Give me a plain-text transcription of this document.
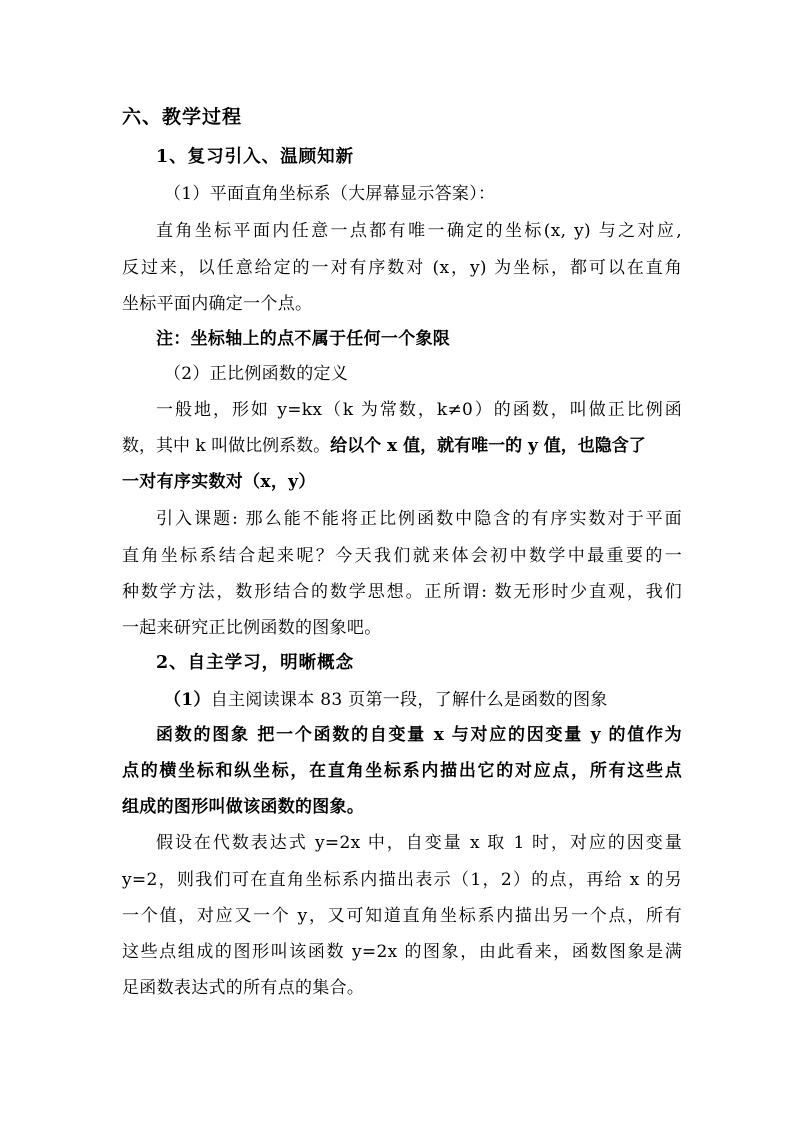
六、教学过程
1、复习引入、温顾知新
（1）平面直角坐标系（大屏幕显示答案）：
直角坐标平面内任意一点都有唯一确定的坐标(x, y) 与之对应,
反过来，以任意给定的一对有序数对 (x，y) 为坐标，都可以在直角
坐标平面内确定一个点。
注：坐标轴上的点不属于任何一个象限
（2）正比例函数的定义
一般地，形如 y=kx（k 为常数，k≠0）的函数，叫做正比例函
数，其中 k 叫做比例系数。给以个 x 值，就有唯一的 y 值，也隐含了
一对有序实数对（x，y）
引入课题: 那么能不能将正比例函数中隐含的有序实数对于平面
直角坐标系结合起来呢？今天我们就来体会初中数学中最重要的一
种数学方法，数形结合的数学思想。正所谓: 数无形时少直观，我们
一起来研究正比例函数的图象吧。
2、自主学习，明晰概念
（1）自主阅读课本 83 页第一段，了解什么是函数的图象
函数的图象 把一个函数的自变量 x 与对应的因变量 y 的值作为
点的横坐标和纵坐标，在直角坐标系内描出它的对应点，所有这些点
组成的图形叫做该函数的图象。
假设在代数表达式 y=2x 中，自变量 x 取 1 时，对应的因变量
y=2，则我们可在直角坐标系内描出表示（1，2）的点，再给 x 的另
一个值，对应又一个 y，又可知道直角坐标系内描出另一个点，所有
这些点组成的图形叫该函数 y=2x 的图象，由此看来，函数图象是满
足函数表达式的所有点的集合。
